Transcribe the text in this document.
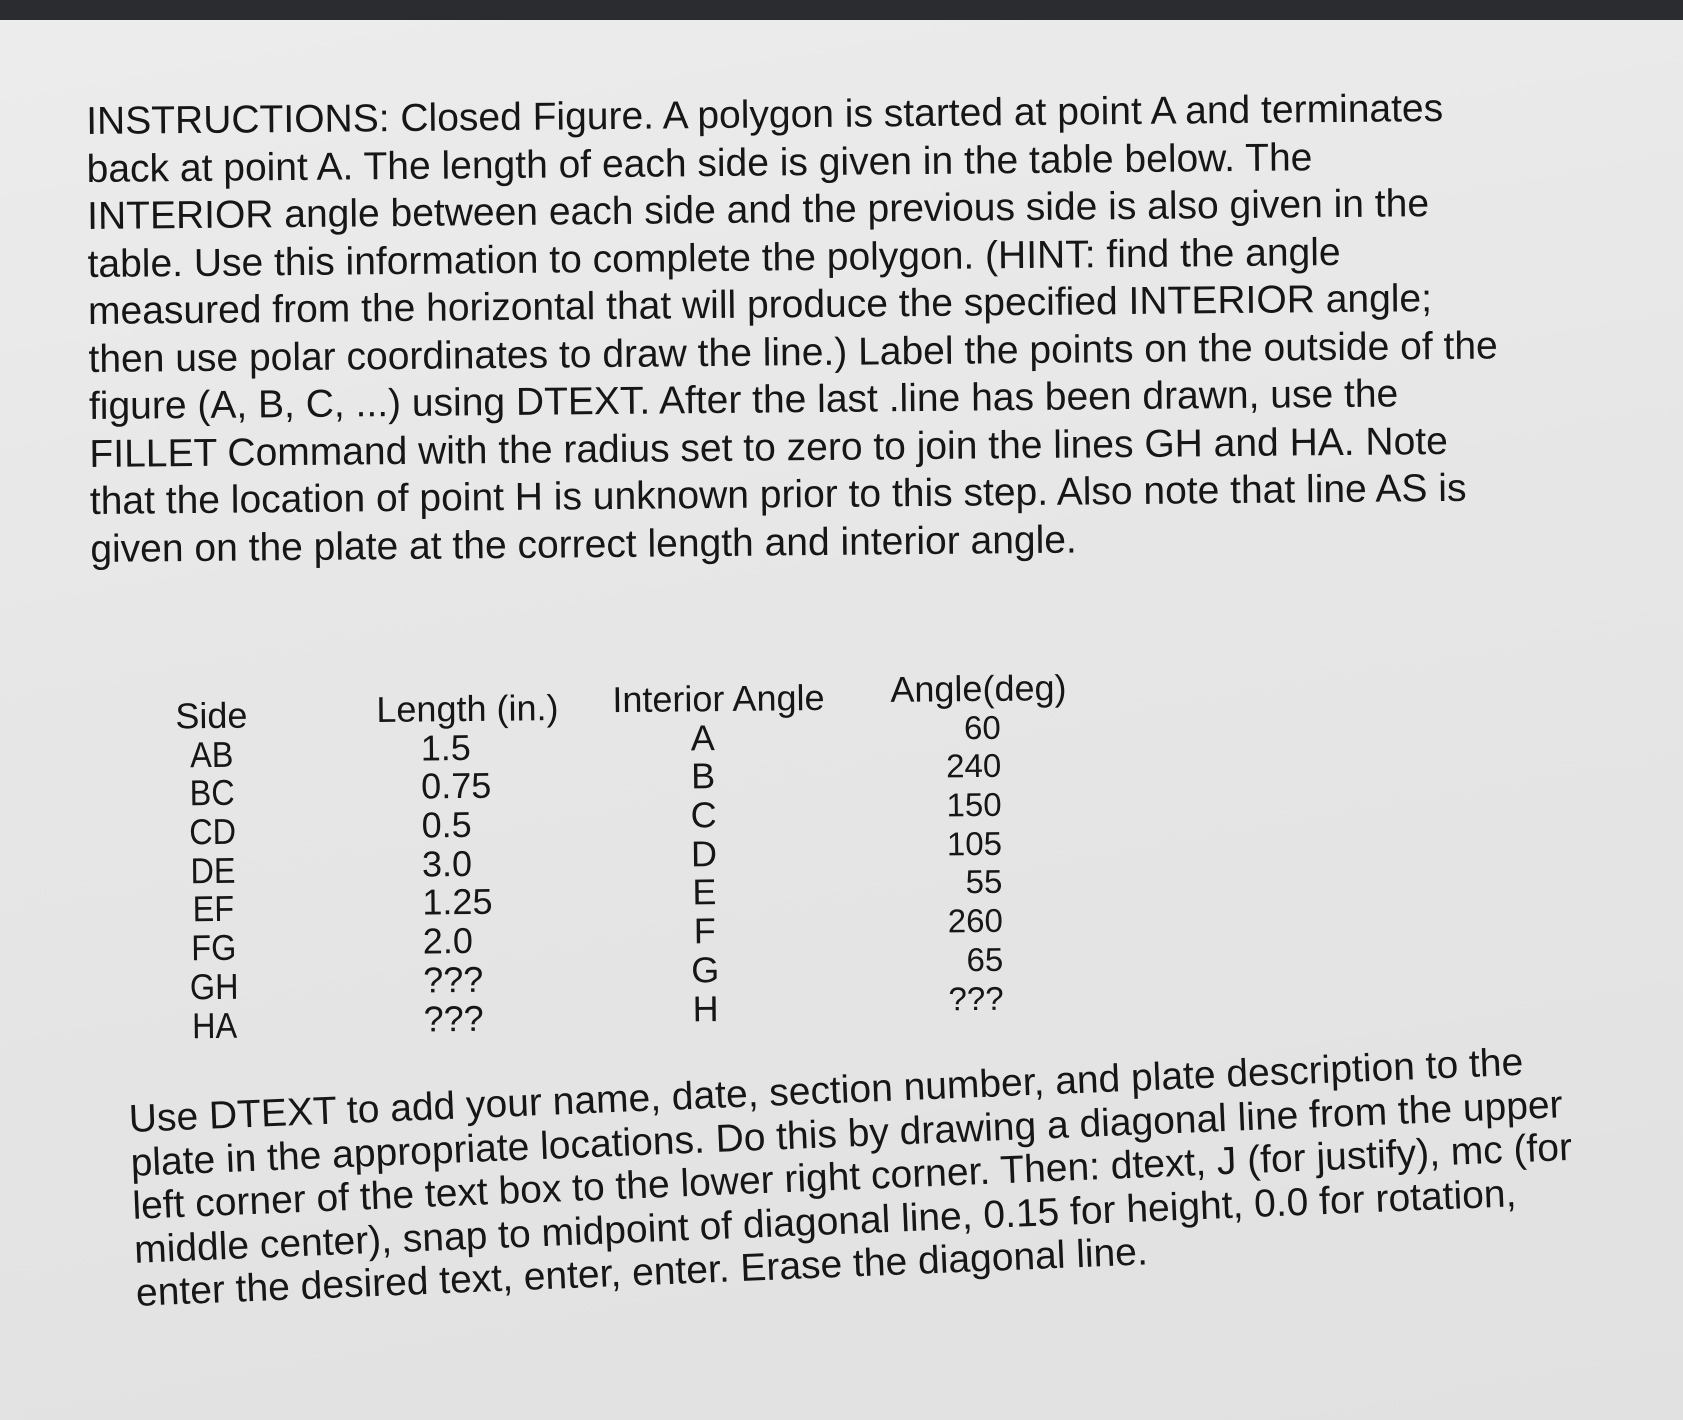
INSTRUCTIONS: Closed Figure. A polygon is started at point A and terminates back at point A. The length of each side is given in the table below. The INTERIOR angle between each side and the previous side is also given in the table. Use this information to complete the polygon. (HINT: find the angle measured from the horizontal that will produce the specified INTERIOR angle; then use polar coordinates to draw the line.) Label the points on the outside of the figure (A, B, C, ...) using DTEXT. After the last .line has been drawn, use the FILLET Command with the radius set to zero to join the lines GH and HA. Note that the location of point H is unknown prior to this step. Also note that line AS is given on the plate at the correct length and interior angle.

Side
AB
BC
CD
DE
EF
FG
GH
HA
Length (in.)
1.5
0.75
0.5
3.0
1.25
2.0
???
???
Interior Angle
A
B
C
D
E
F
G
H
Angle(deg)
60
240
150
105
55
260
65
???

Use DTEXT to add your name, date, section number, and plate description to the plate in the appropriate locations. Do this by drawing a diagonal line from the upper left corner of the text box to the lower right corner. Then: dtext, J (for justify), mc (for middle center), snap to midpoint of diagonal line, 0.15 for height, 0.0 for rotation, enter the desired text, enter, enter. Erase the diagonal line.
